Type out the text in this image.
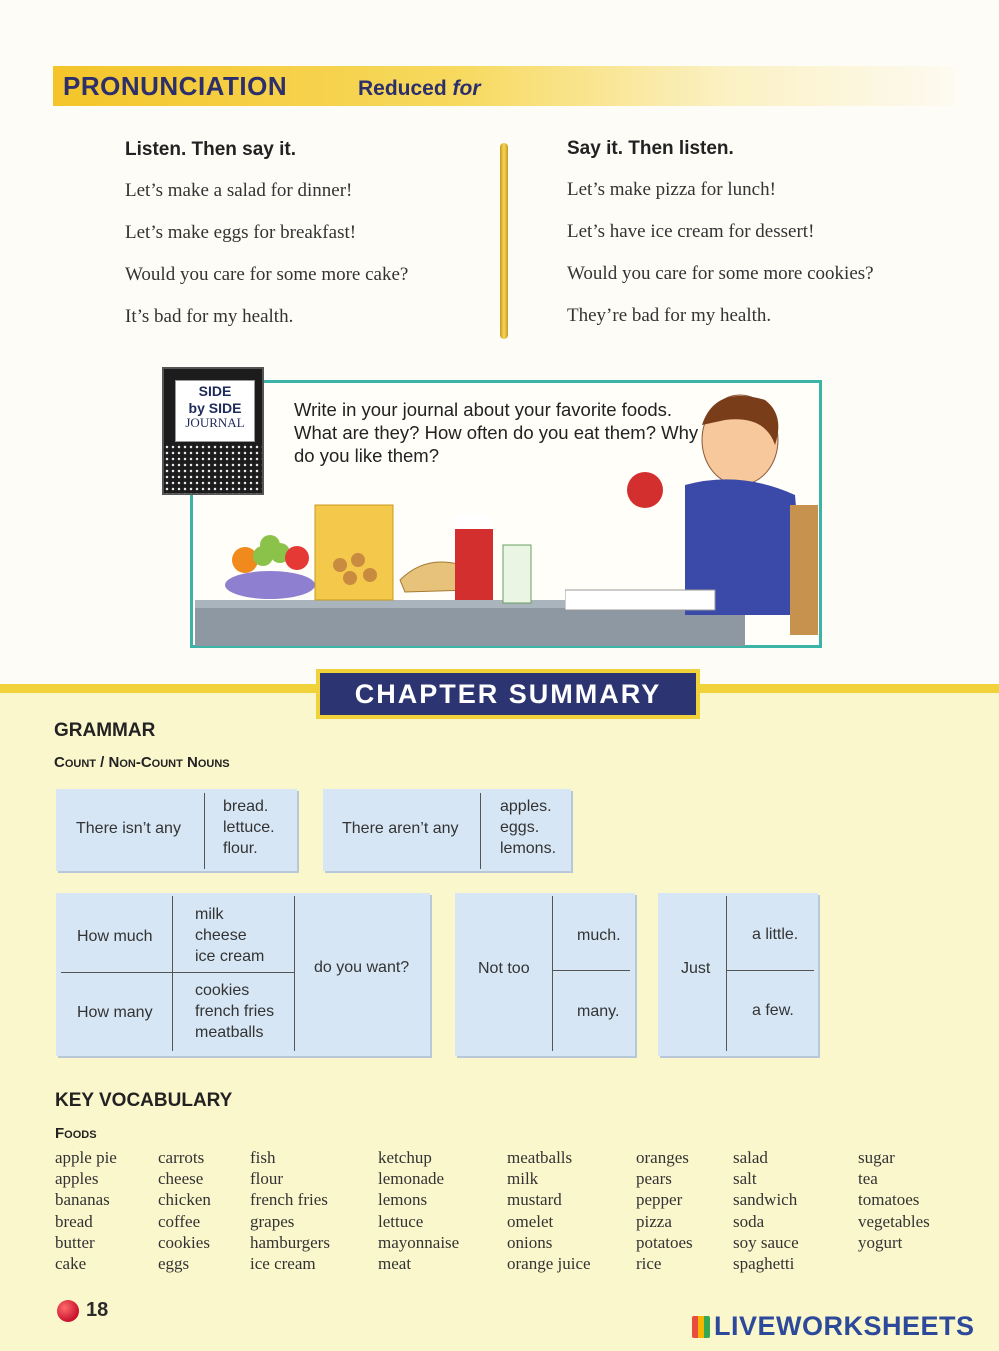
PRONUNCIATION	Reduced for
Listen. Then say it.
Let’s make a salad for dinner!
Let’s make eggs for breakfast!
Would you care for some more cake?
It’s bad for my health.
Say it. Then listen.
Let’s make pizza for lunch!
Let’s have ice cream for dessert!
Would you care for some more cookies?
They’re bad for my health.
SIDE
by SIDE
JOURNAL
Write in your journal about your favorite foods. What are they? How often do you eat them? Why do you like them?
CHAPTER SUMMARY
GRAMMAR
Count / Non-Count Nouns
There isn’t any
bread.
lettuce.
flour.
There aren’t any
apples.
eggs.
lemons.
How much
milk
cheese
ice cream
How many
cookies
french fries
meatballs
do you want?	Not too
much.
many.
Just
a little.
a few.
KEY VOCABULARY
Foods
apple pie
apples
bananas
bread
butter
cake
carrots
cheese
chicken
coffee
cookies
eggs
fish
flour
french fries
grapes
hamburgers
ice cream
ketchup
lemonade
lemons
lettuce
mayonnaise
meat
meatballs
milk
mustard
omelet
onions
orange juice
oranges
pears
pepper
pizza
potatoes
rice
salad
salt
sandwich
soda
soy sauce
spaghetti
sugar
tea
tomatoes
vegetables
yogurt
18
LIVEWORKSHEETS
